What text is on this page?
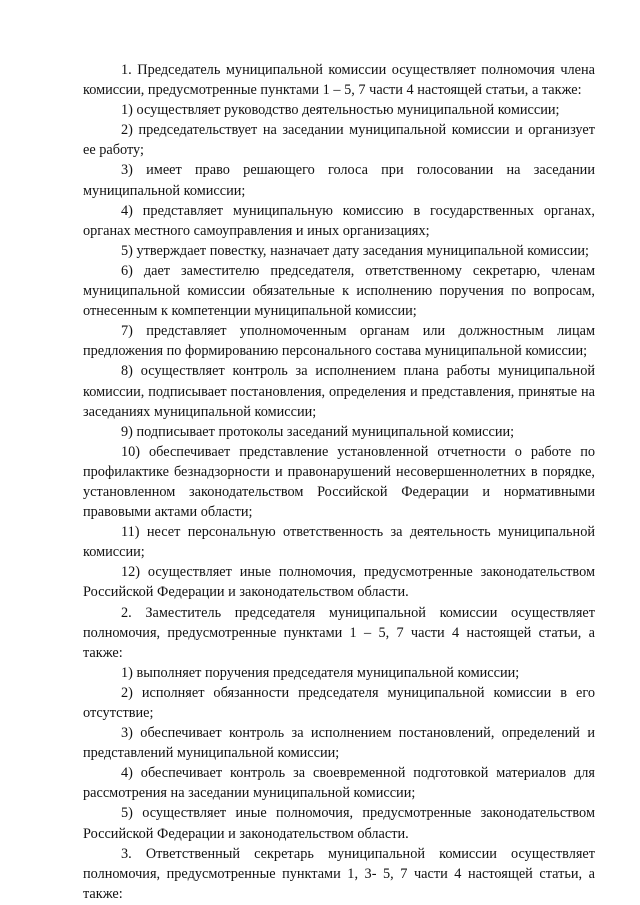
1. Председатель муниципальной комиссии осуществляет полномочия члена комиссии, предусмотренные пунктами 1 – 5, 7 части 4 настоящей статьи, а также:

1) осуществляет руководство деятельностью муниципальной комиссии;

2) председательствует на заседании муниципальной комиссии и организует ее работу;

3) имеет право решающего голоса при голосовании на заседании муниципальной комиссии;

4) представляет муниципальную комиссию в государственных органах, органах местного самоуправления и иных организациях;

5) утверждает повестку, назначает дату заседания муниципальной комиссии;

6) дает заместителю председателя, ответственному секретарю, членам муниципальной комиссии обязательные к исполнению поручения по вопросам, отнесенным к компетенции муниципальной комиссии;

7) представляет уполномоченным органам или должностным лицам предложения по формированию персонального состава муниципальной комиссии;

8) осуществляет контроль за исполнением плана работы муниципальной комиссии, подписывает постановления, определения и представления, принятые на заседаниях муниципальной комиссии;

9) подписывает протоколы заседаний муниципальной комиссии;

10) обеспечивает представление установленной отчетности о работе по профилактике безнадзорности и правонарушений несовершеннолетних в порядке, установленном законодательством Российской Федерации и нормативными правовыми актами области;

11) несет персональную ответственность за деятельность муниципальной комиссии;

12) осуществляет иные полномочия, предусмотренные законодательством Российской Федерации и законодательством области.

2. Заместитель председателя муниципальной комиссии осуществляет полномочия, предусмотренные пунктами 1 – 5, 7 части 4 настоящей статьи, а также:

1) выполняет поручения председателя муниципальной комиссии;

2) исполняет обязанности председателя муниципальной комиссии в его отсутствие;

3) обеспечивает контроль за исполнением постановлений, определений и представлений муниципальной комиссии;

4) обеспечивает контроль за своевременной подготовкой материалов для рассмотрения на заседании муниципальной комиссии;

5) осуществляет иные полномочия, предусмотренные законодательством Российской Федерации и законодательством области.

3. Ответственный секретарь муниципальной комиссии осуществляет полномочия, предусмотренные пунктами 1, 3- 5, 7 части 4 настоящей статьи, а также:
